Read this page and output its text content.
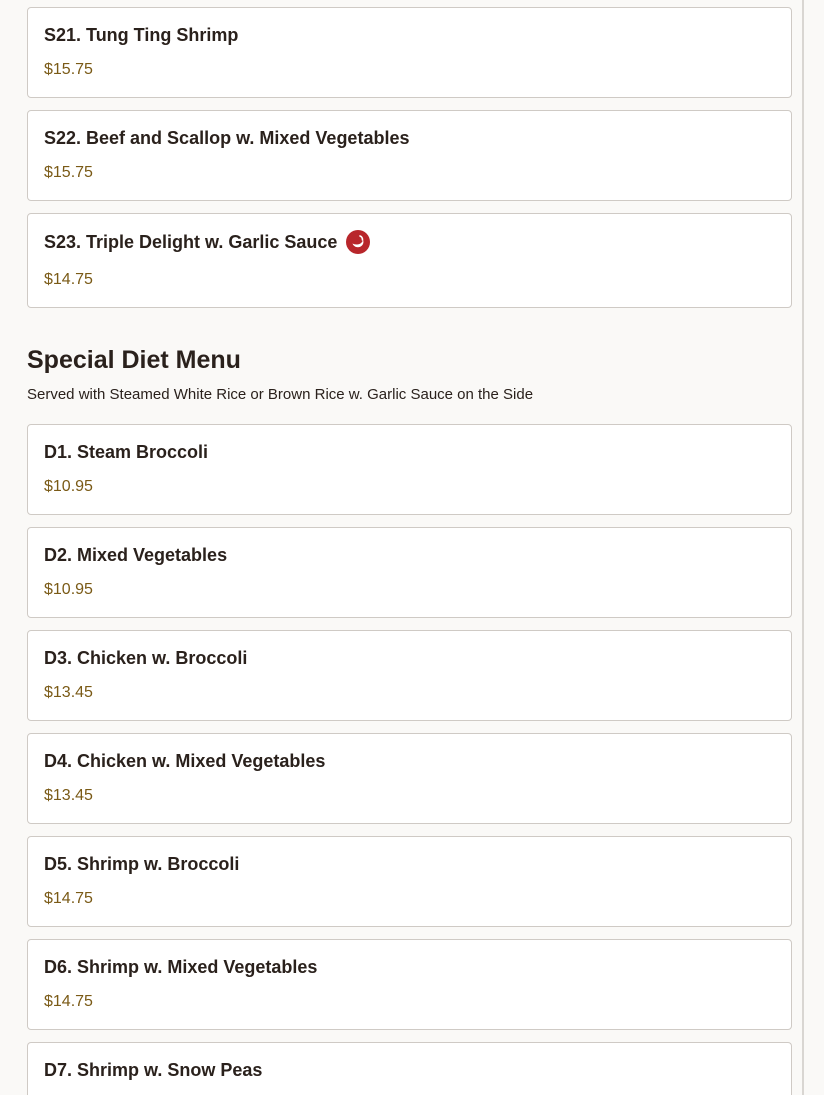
S21. Tung Ting Shrimp
$15.75
S22. Beef and Scallop w. Mixed Vegetables
$15.75
S23. Triple Delight w. Garlic Sauce
$14.75
Special Diet Menu
Served with Steamed White Rice or Brown Rice w. Garlic Sauce on the Side
D1. Steam Broccoli
$10.95
D2. Mixed Vegetables
$10.95
D3. Chicken w. Broccoli
$13.45
D4. Chicken w. Mixed Vegetables
$13.45
D5. Shrimp w. Broccoli
$14.75
D6. Shrimp w. Mixed Vegetables
$14.75
D7. Shrimp w. Snow Peas
